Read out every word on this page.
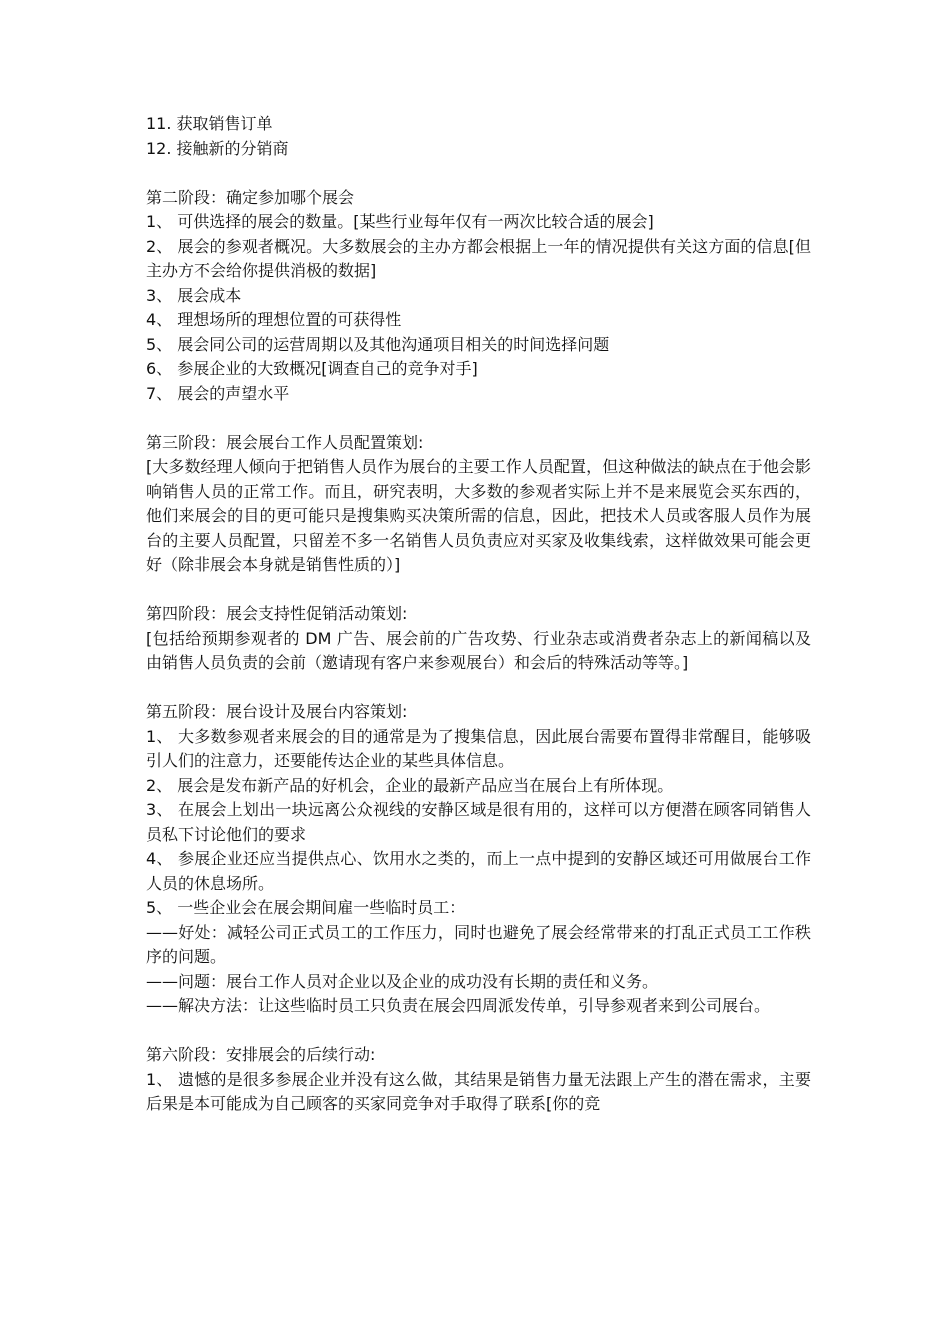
11. 获取销售订单
12. 接触新的分销商
第二阶段：确定参加哪个展会
1、 可供选择的展会的数量。[某些行业每年仅有一两次比较合适的展会]
2、 展会的参观者概况。大多数展会的主办方都会根据上一年的情况提供有关这方面的信息[但主办方不会给你提供消极的数据]
3、 展会成本
4、 理想场所的理想位置的可获得性
5、 展会同公司的运营周期以及其他沟通项目相关的时间选择问题
6、 参展企业的大致概况[调查自己的竞争对手]
7、 展会的声望水平
第三阶段：展会展台工作人员配置策划:
[大多数经理人倾向于把销售人员作为展台的主要工作人员配置，但这种做法的缺点在于他会影响销售人员的正常工作。而且，研究表明，大多数的参观者实际上并不是来展览会买东西的，他们来展会的目的更可能只是搜集购买决策所需的信息，因此，把技术人员或客服人员作为展台的主要人员配置，只留差不多一名销售人员负责应对买家及收集线索，这样做效果可能会更好（除非展会本身就是销售性质的）]
第四阶段：展会支持性促销活动策划:
[包括给预期参观者的 DM 广告、展会前的广告攻势、行业杂志或消费者杂志上的新闻稿以及由销售人员负责的会前（邀请现有客户来参观展台）和会后的特殊活动等等。]
第五阶段：展台设计及展台内容策划:
1、 大多数参观者来展会的目的通常是为了搜集信息，因此展台需要布置得非常醒目，能够吸引人们的注意力，还要能传达企业的某些具体信息。
2、 展会是发布新产品的好机会，企业的最新产品应当在展台上有所体现。
3、 在展会上划出一块远离公众视线的安静区域是很有用的，这样可以方便潜在顾客同销售人员私下讨论他们的要求
4、 参展企业还应当提供点心、饮用水之类的，而上一点中提到的安静区域还可用做展台工作人员的休息场所。
5、 一些企业会在展会期间雇一些临时员工：
——好处：减轻公司正式员工的工作压力，同时也避免了展会经常带来的打乱正式员工工作秩序的问题。
——问题：展台工作人员对企业以及企业的成功没有长期的责任和义务。
——解决方法：让这些临时员工只负责在展会四周派发传单，引导参观者来到公司展台。
第六阶段：安排展会的后续行动:
1、 遗憾的是很多参展企业并没有这么做，其结果是销售力量无法跟上产生的潜在需求，主要后果是本可能成为自己顾客的买家同竞争对手取得了联系[你的竞
